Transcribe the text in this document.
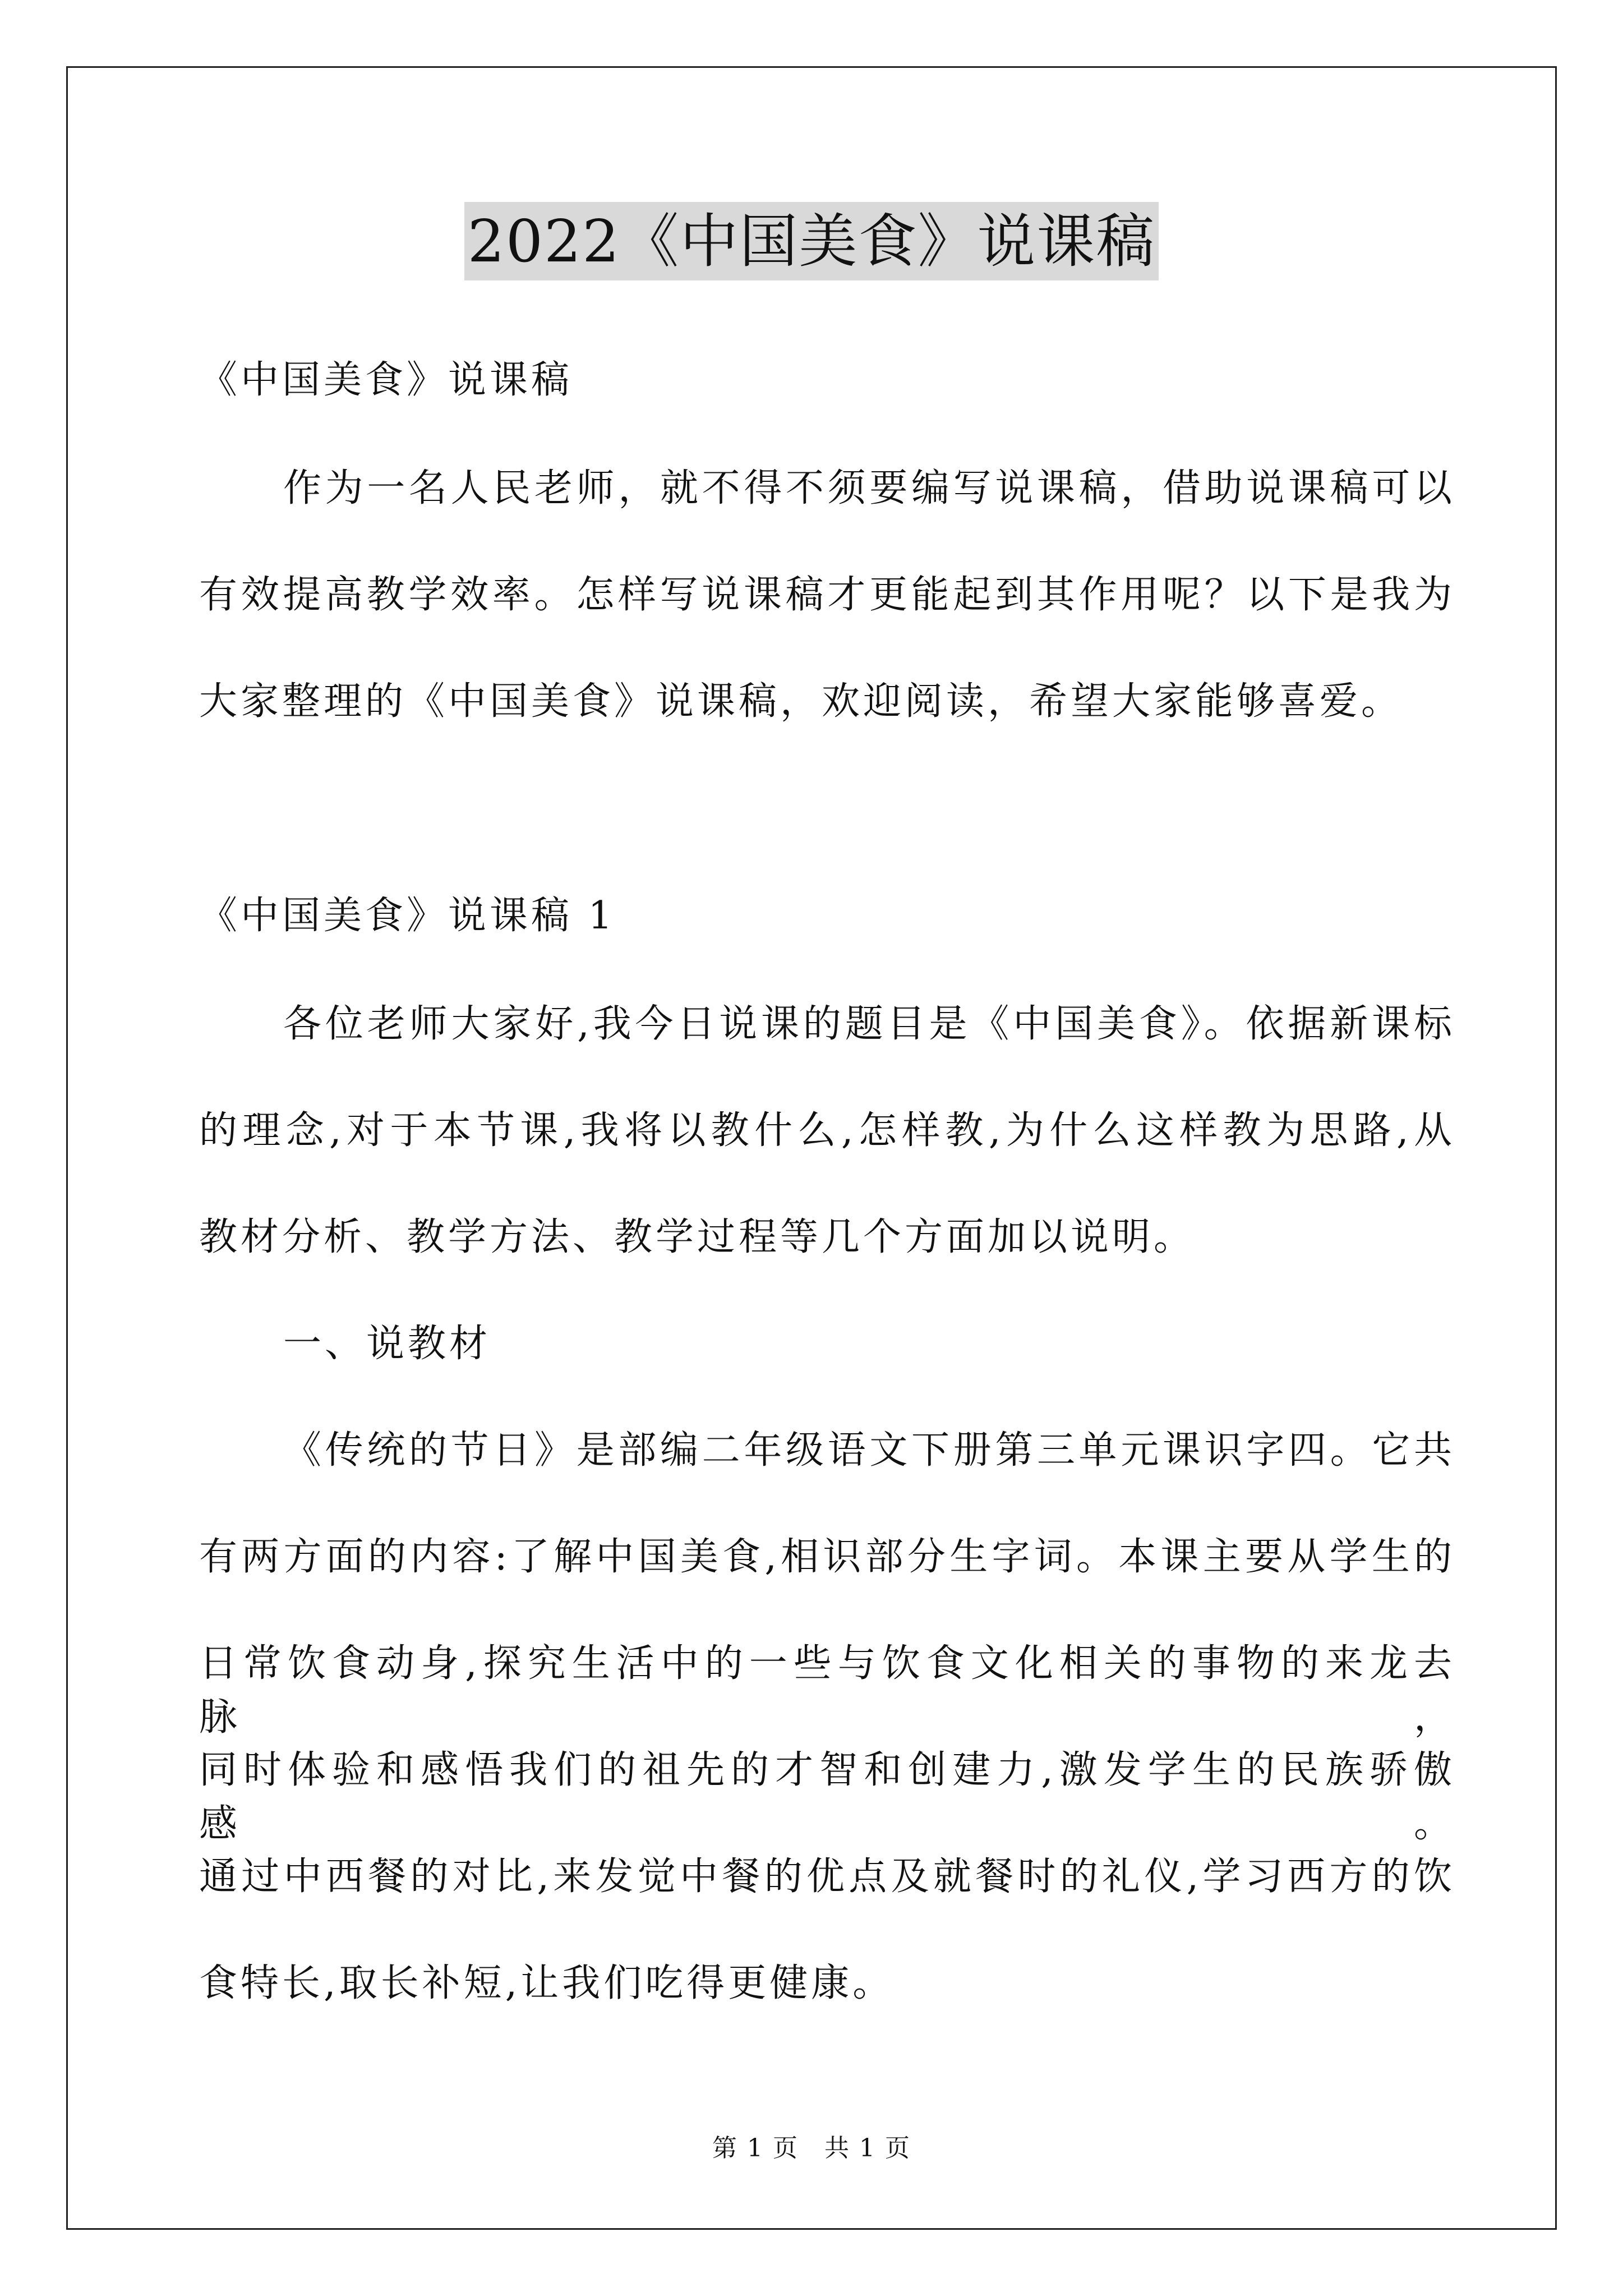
2022《中国美食》说课稿
《中国美食》说课稿
作为一名人民老师，就不得不须要编写说课稿，借助说课稿可以
有效提高教学效率。怎样写说课稿才更能起到其作用呢？以下是我为
大家整理的《中国美食》说课稿，欢迎阅读，希望大家能够喜爱。
《中国美食》说课稿 1
各位老师大家好,我今日说课的题目是《中国美食》。依据新课标
的理念,对于本节课,我将以教什么,怎样教,为什么这样教为思路,从
教材分析、教学方法、教学过程等几个方面加以说明。
一、说教材
《传统的节日》是部编二年级语文下册第三单元课识字四。它共
有两方面的内容:了解中国美食,相识部分生字词。本课主要从学生的
日常饮食动身,探究生活中的一些与饮食文化相关的事物的来龙去脉，
同时体验和感悟我们的祖先的才智和创建力,激发学生的民族骄傲感。
通过中西餐的对比,来发觉中餐的优点及就餐时的礼仪,学习西方的饮
食特长,取长补短,让我们吃得更健康。
第 1 页　共 1 页
